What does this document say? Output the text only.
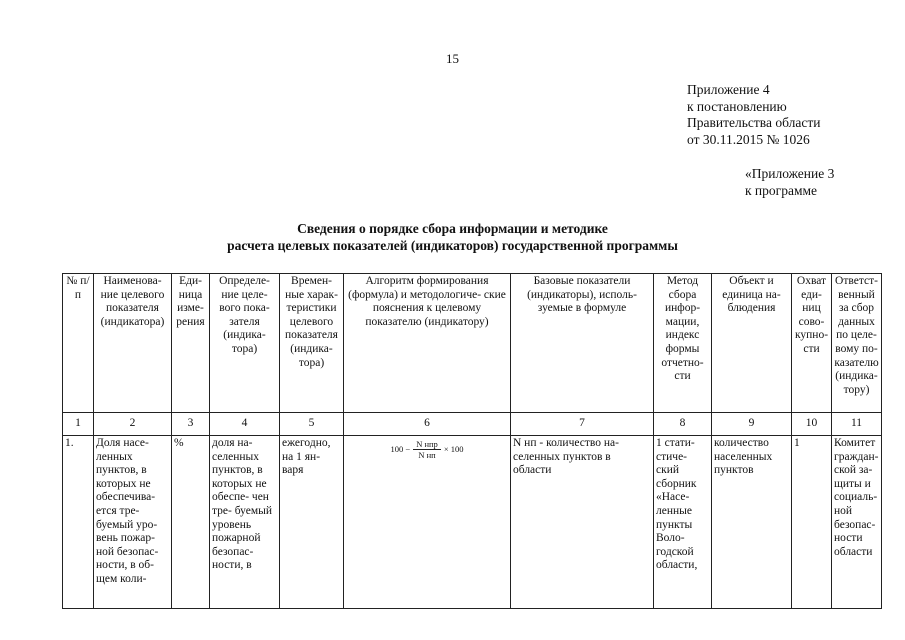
15
Приложение 4
к постановлению
Правительства области
от 30.11.2015 № 1026
«Приложение 3
к программе
Сведения о порядке сбора информации и методике
расчета целевых показателей (индикаторов) государственной программы
№ п/п	Наименова- ние целевого показателя (индикатора)	Еди- ница изме- рения	Определе- ние целе- вого пока- зателя (индика- тора)	Времен- ные харак- теристики целевого показателя (индика- тора)	Алгоритм формирования (формула) и методологиче- ские пояснения к целевому показателю (индикатору)	Базовые показатели (индикаторы), исполь- зуемые в формуле	Метод сбора инфор- мации, индекс формы отчетно- сти	Объект и единица на- блюдения	Охват еди- ниц сово- купно- сти	Ответст- венный за сбор данных по целе- вому по- казателю (индика- тору)
1	2	3	4	5	6	7	8	9	10	11
1.	Доля насе- ленных пунктов, в которых не обеспечива- ется тре- буемый уро- вень пожар- ной безопас- ности, в об- щем коли-	%	доля на- селенных пунктов, в которых не обеспе- чен тре- буемый уровень пожарной безопас- ности, в	ежегодно, на 1 ян- варя	$100 - \frac{\text{N нпр}}{\text{N нп}} \times 100$	N нп - количество на- селенных пунктов в области	1 стати- стиче- ский сборник «Насе- ленные пункты Воло- годской области,	количество населенных пунктов	1	Комитет граждан- ской за- щиты и социаль- ной безопас- ности области
